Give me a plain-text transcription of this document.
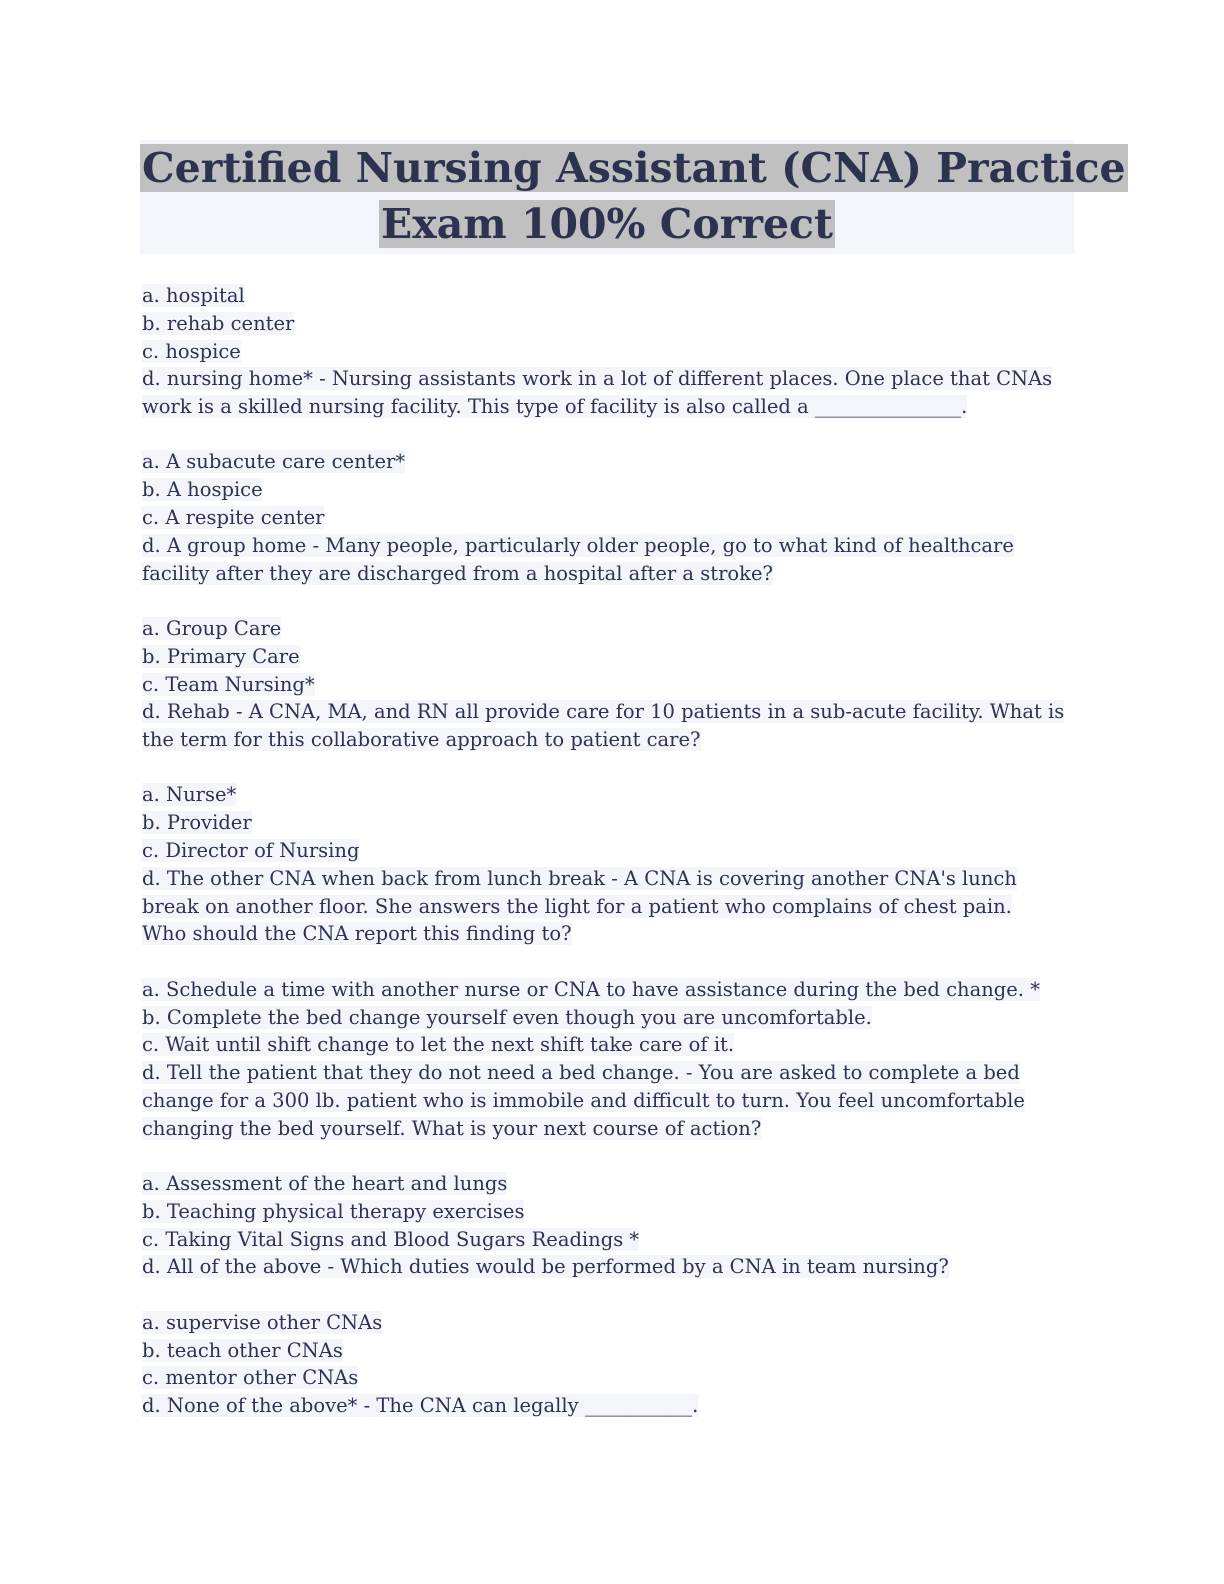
Certified Nursing Assistant (CNA) Practice
Exam 100% Correct
a. hospital
b. rehab center
c. hospice
d. nursing home* - Nursing assistants work in a lot of different places. One place that CNAs
work is a skilled nursing facility. This type of facility is also called a _______________.
a. A subacute care center*
b. A hospice
c. A respite center
d. A group home - Many people, particularly older people, go to what kind of healthcare
facility after they are discharged from a hospital after a stroke?
a. Group Care
b. Primary Care
c. Team Nursing*
d. Rehab - A CNA, MA, and RN all provide care for 10 patients in a sub-acute facility. What is
the term for this collaborative approach to patient care?
a. Nurse*
b. Provider
c. Director of Nursing
d. The other CNA when back from lunch break - A CNA is covering another CNA's lunch
break on another floor. She answers the light for a patient who complains of chest pain.
Who should the CNA report this finding to?
a. Schedule a time with another nurse or CNA to have assistance during the bed change. *
b. Complete the bed change yourself even though you are uncomfortable.
c. Wait until shift change to let the next shift take care of it.
d. Tell the patient that they do not need a bed change. - You are asked to complete a bed
change for a 300 lb. patient who is immobile and difficult to turn. You feel uncomfortable
changing the bed yourself. What is your next course of action?
a. Assessment of the heart and lungs
b. Teaching physical therapy exercises
c. Taking Vital Signs and Blood Sugars Readings *
d. All of the above - Which duties would be performed by a CNA in team nursing?
a. supervise other CNAs
b. teach other CNAs
c. mentor other CNAs
d. None of the above* - The CNA can legally ___________.
